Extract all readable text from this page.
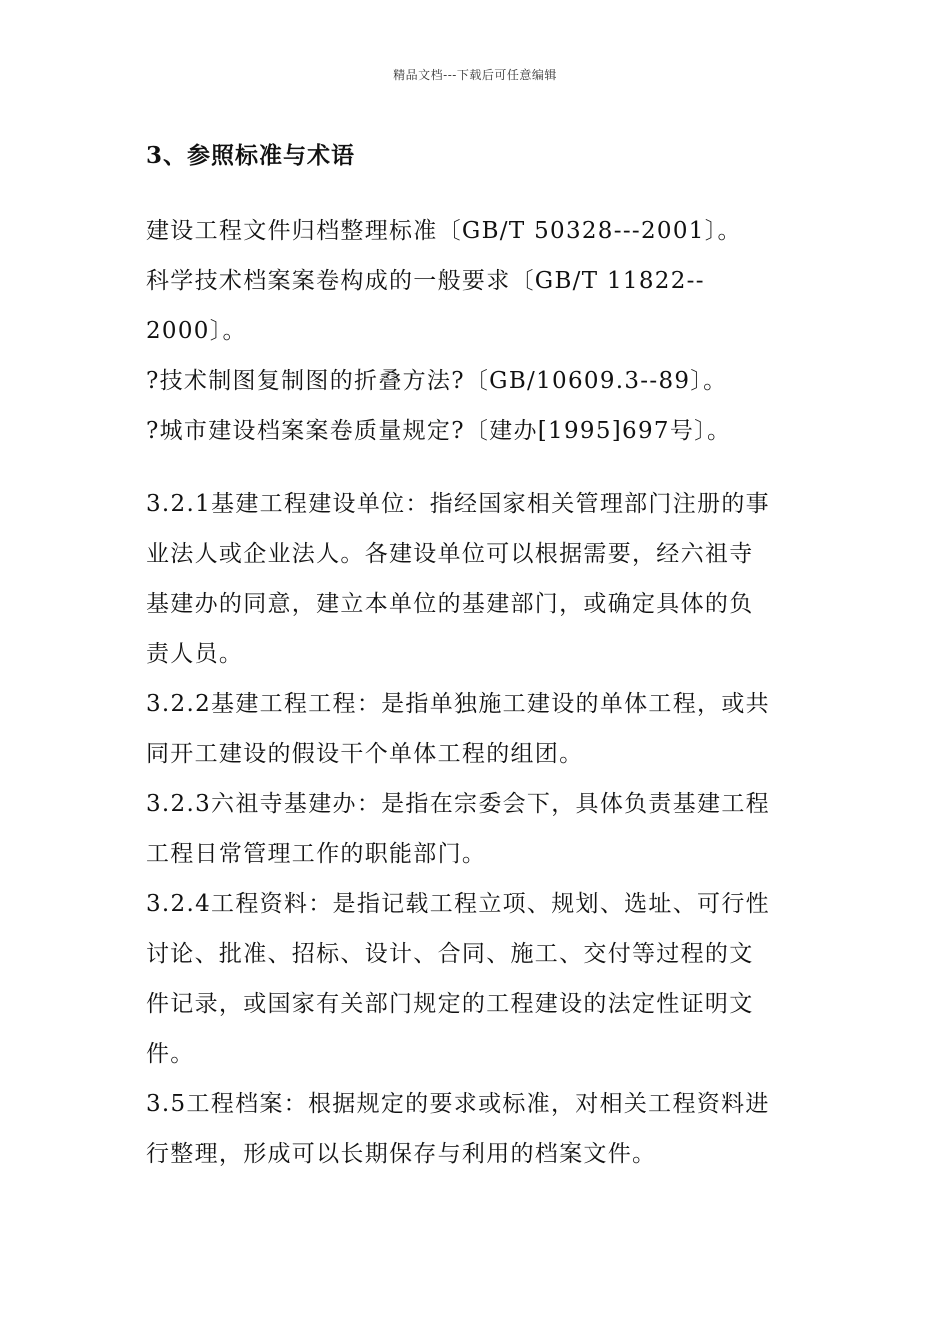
精品文档---下载后可任意编辑
3、参照标准与术语
建设工程文件归档整理标准〔GB/T 50328---2001〕。
科学技术档案案卷构成的一般要求〔GB/T 11822--
2000〕。
?技术制图复制图的折叠方法?〔GB/10609.3--89〕。
?城市建设档案案卷质量规定?〔建办[1995]697号〕。
3.2.1基建工程建设单位：指经国家相关管理部门注册的事
业法人或企业法人。各建设单位可以根据需要，经六祖寺
基建办的同意，建立本单位的基建部门，或确定具体的负
责人员。
3.2.2基建工程工程：是指单独施工建设的单体工程，或共
同开工建设的假设干个单体工程的组团。
3.2.3六祖寺基建办：是指在宗委会下，具体负责基建工程
工程日常管理工作的职能部门。
3.2.4工程资料：是指记载工程立项、规划、选址、可行性
讨论、批准、招标、设计、合同、施工、交付等过程的文
件记录，或国家有关部门规定的工程建设的法定性证明文
件。
3.5工程档案：根据规定的要求或标准，对相关工程资料进
行整理，形成可以长期保存与利用的档案文件。
